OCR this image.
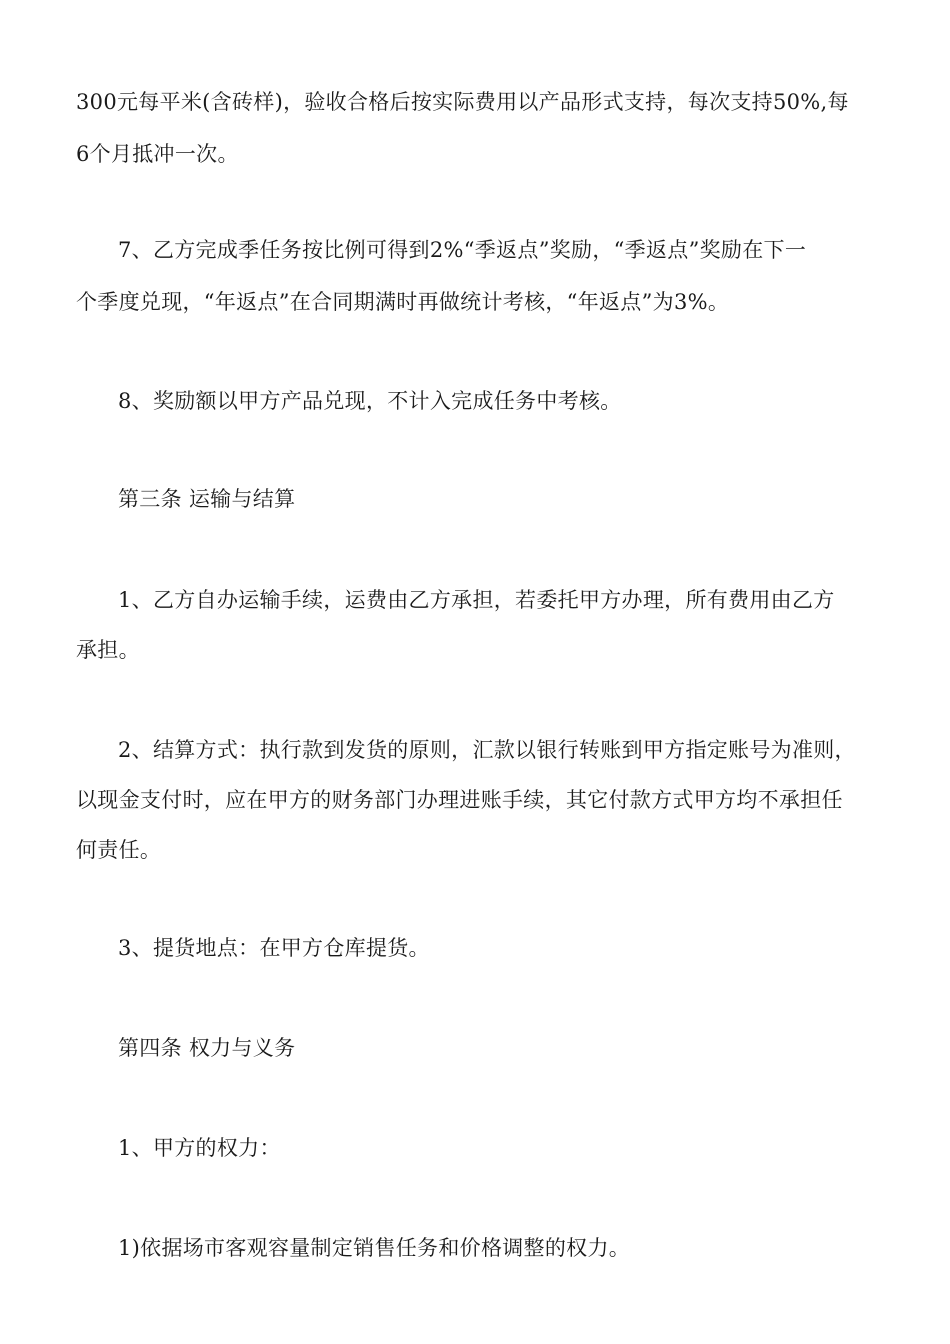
300元每平米(含砖样)，验收合格后按实际费用以产品形式支持，每次支持50%,每
6个月抵冲一次。
7、乙方完成季任务按比例可得到2%“季返点”奖励，“季返点”奖励在下一
个季度兑现，“年返点”在合同期满时再做统计考核，“年返点”为3%。
8、奖励额以甲方产品兑现，不计入完成任务中考核。
第三条 运输与结算
1、乙方自办运输手续，运费由乙方承担，若委托甲方办理，所有费用由乙方
承担。
2、结算方式：执行款到发货的原则，汇款以银行转账到甲方指定账号为准则，
以现金支付时，应在甲方的财务部门办理进账手续，其它付款方式甲方均不承担任
何责任。
3、提货地点：在甲方仓库提货。
第四条 权力与义务
1、甲方的权力：
1)依据场市客观容量制定销售任务和价格调整的权力。
